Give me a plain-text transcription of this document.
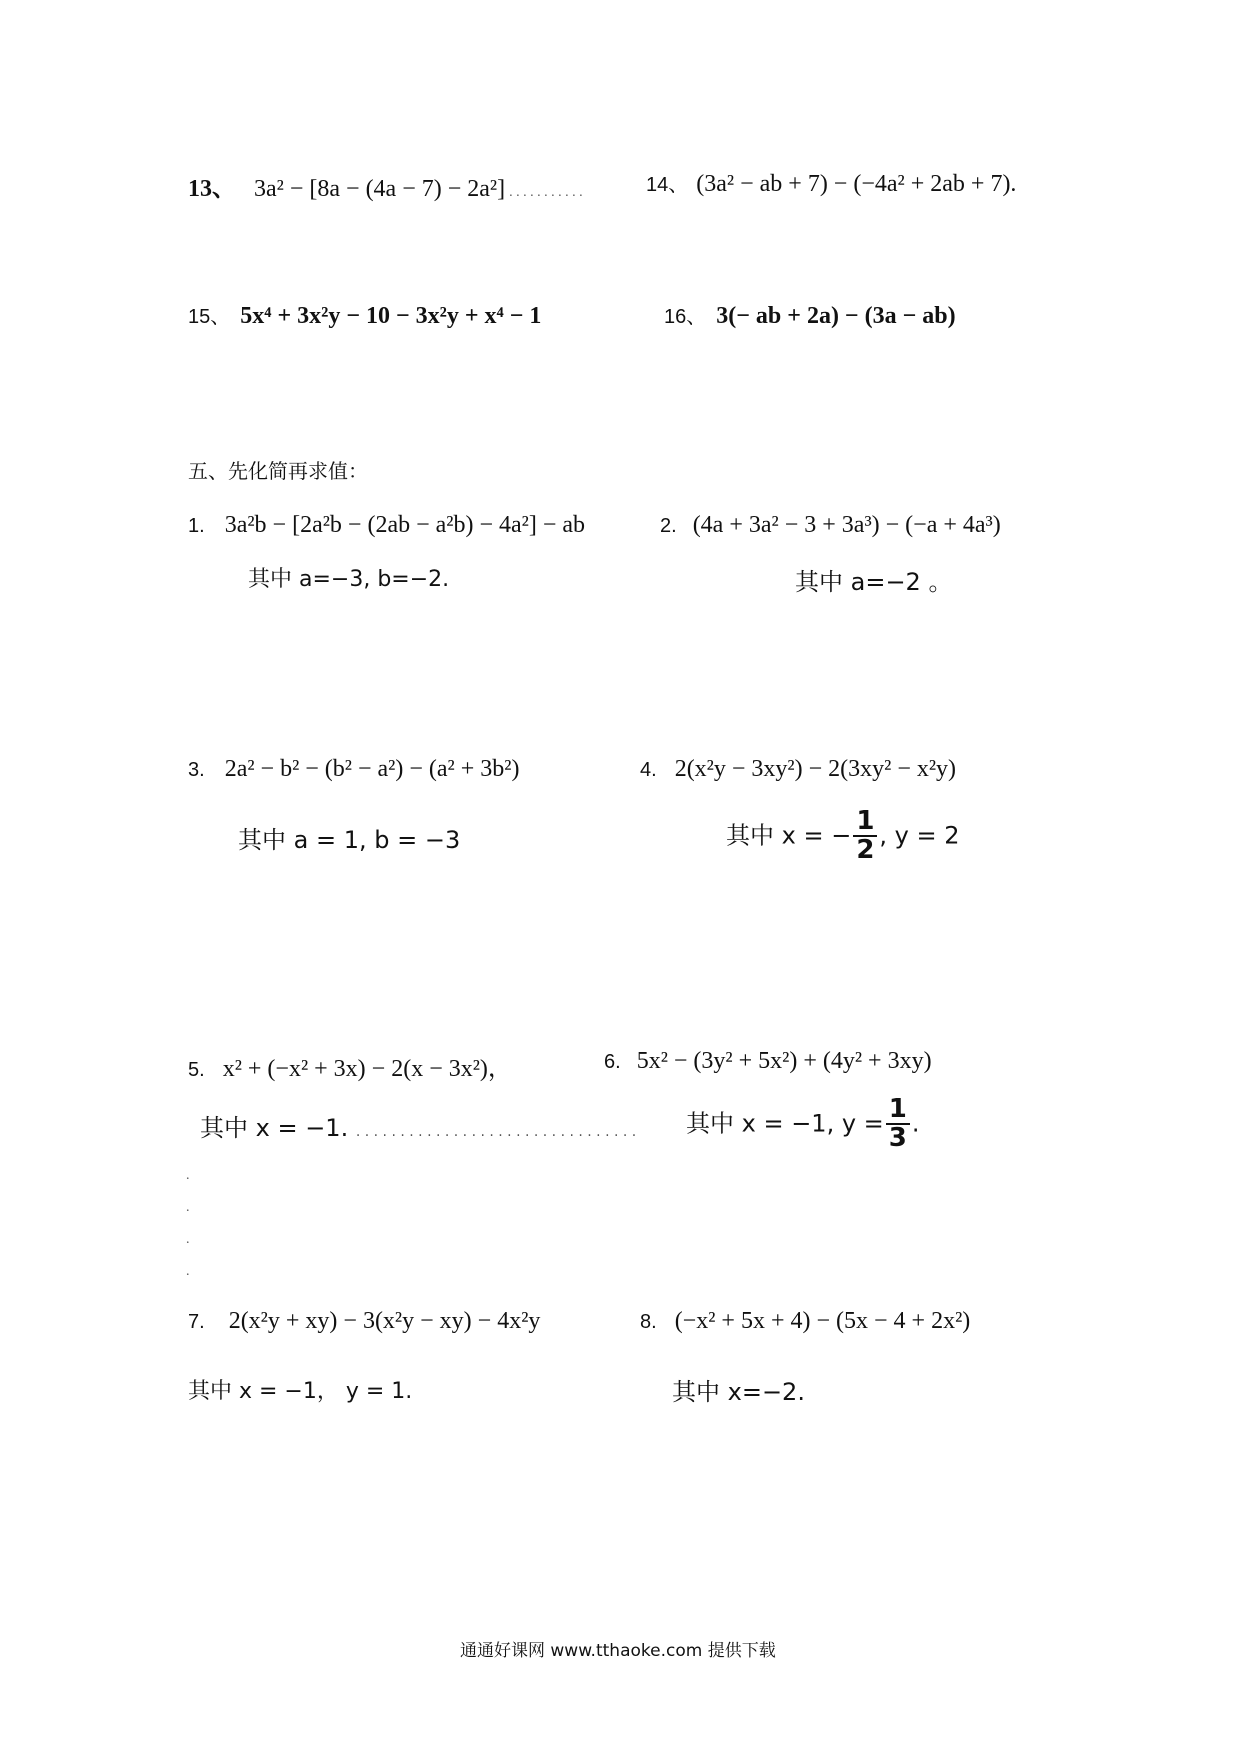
13、 3a² − [8a − (4a − 7) − 2a²] . . . . . . . . . . .	14、 (3a² − ab + 7) − (−4a² + 2ab + 7).
15、 5x⁴ + 3x²y − 10 − 3x²y + x⁴ − 1	16、 3(− ab + 2a) − (3a − ab)
五、先化简再求值：
1. 3a²b − [2a²b − (2ab − a²b) − 4a²] − ab
其中 a=−3, b=−2.
2. (4a + 3a² − 3 + 3a³) − (−a + 4a³)
其中 a=−2 。
3. 2a² − b² − (b² − a²) − (a² + 3b²)
其中 a = 1, b = −3
4. 2(x²y − 3xy²) − 2(3xy² − x²y)
其中 x = − $\frac{1}{2}$ , y = 2
5. x² + (−x² + 3x) − 2(x − 3x²)，
其中 x = −1. . . . . . . . . . . . . . . . . . . . . . . . . . . . . . . . .
6. 5x² − (3y² + 5x²) + (4y² + 3xy)
其中 x = −1, $y = \frac{1}{3}$ .
.
.
.
.
7. 2(x²y + xy) − 3(x²y − xy) − 4x²y
其中 x = −1， y = 1.
8. (−x² + 5x + 4) − (5x − 4 + 2x²)
其中 x=−2.
通通好课网 www.tthaoke.com 提供下载
